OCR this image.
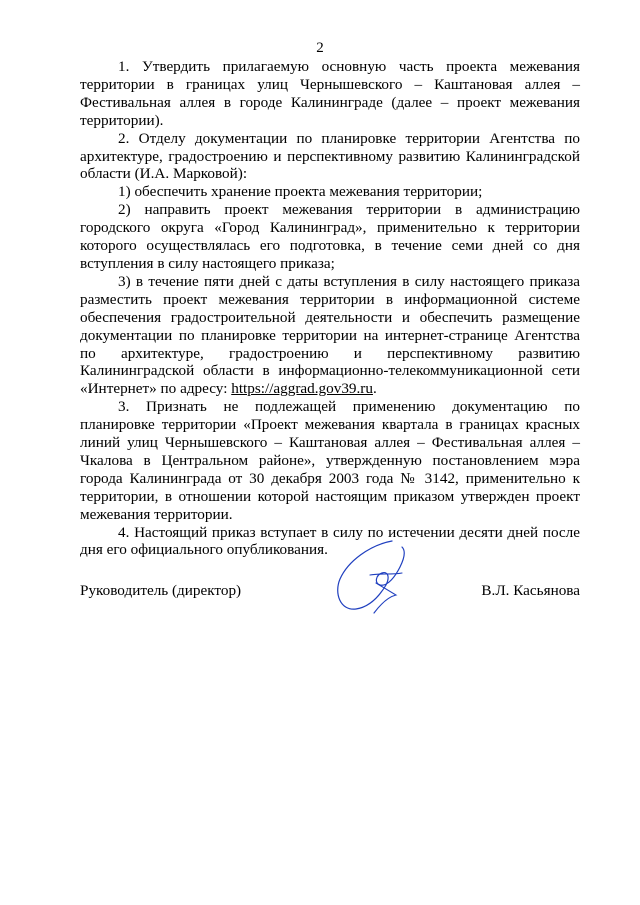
2

1. Утвердить прилагаемую основную часть проекта межевания территории в границах улиц Чернышевского – Каштановая аллея – Фестивальная аллея в городе Калининграде (далее – проект межевания территории).

2. Отделу документации по планировке территории Агентства по архитектуре, градостроению и перспективному развитию Калининградской области (И.А. Марковой):

1) обеспечить хранение проекта межевания территории;

2) направить проект межевания территории в администрацию городского округа «Город Калининград», применительно к территории которого осуществлялась его подготовка, в течение семи дней со дня вступления в силу настоящего приказа;

3) в течение пяти дней с даты вступления в силу настоящего приказа разместить проект межевания территории в информационной системе обеспечения градостроительной деятельности и обеспечить размещение документации по планировке территории на интернет-странице Агентства по архитектуре, градостроению и перспективному развитию Калининградской области в информационно-телекоммуникационной сети «Интернет» по адресу: https://aggrad.gov39.ru.

3. Признать не подлежащей применению документацию по планировке территории «Проект межевания квартала в границах красных линий улиц Чернышевского – Каштановая аллея – Фестивальная аллея – Чкалова в Центральном районе», утвержденную постановлением мэра города Калининграда от 30 декабря 2003 года № 3142, применительно к территории, в отношении которой настоящим приказом утвержден проект межевания территории.

4. Настоящий приказ вступает в силу по истечении десяти дней после дня его официального опубликования.

Руководитель (директор)	В.Л. Касьянова
